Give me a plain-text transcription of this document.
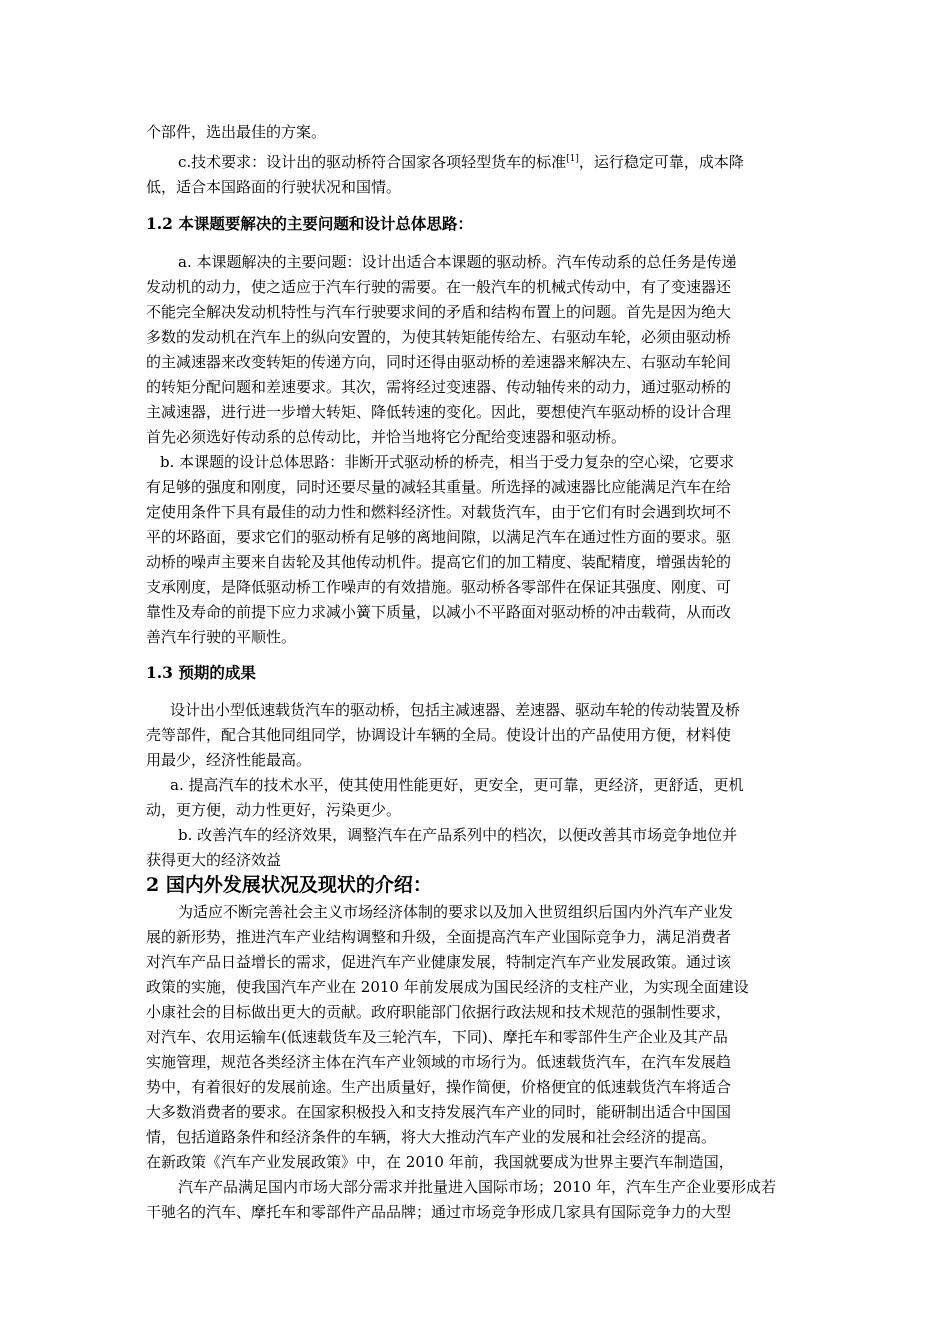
个部件，选出最佳的方案。
c.技术要求：设计出的驱动桥符合国家各项轻型货车的标准[1]，运行稳定可靠，成本降
低，适合本国路面的行驶状况和国情。
1.2 本课题要解决的主要问题和设计总体思路：
a. 本课题解决的主要问题：设计出适合本课题的驱动桥。汽车传动系的总任务是传递
发动机的动力，使之适应于汽车行驶的需要。在一般汽车的机械式传动中，有了变速器还
不能完全解决发动机特性与汽车行驶要求间的矛盾和结构布置上的问题。首先是因为绝大
多数的发动机在汽车上的纵向安置的，为使其转矩能传给左、右驱动车轮，必须由驱动桥
的主减速器来改变转矩的传递方向，同时还得由驱动桥的差速器来解决左、右驱动车轮间
的转矩分配问题和差速要求。其次，需将经过变速器、传动轴传来的动力，通过驱动桥的
主减速器，进行进一步增大转矩、降低转速的变化。因此，要想使汽车驱动桥的设计合理
首先必须选好传动系的总传动比，并恰当地将它分配给变速器和驱动桥。
b. 本课题的设计总体思路：非断开式驱动桥的桥壳，相当于受力复杂的空心梁，它要求
有足够的强度和刚度，同时还要尽量的减轻其重量。所选择的减速器比应能满足汽车在给
定使用条件下具有最佳的动力性和燃料经济性。对载货汽车，由于它们有时会遇到坎坷不
平的坏路面，要求它们的驱动桥有足够的离地间隙，以满足汽车在通过性方面的要求。驱
动桥的噪声主要来自齿轮及其他传动机件。提高它们的加工精度、装配精度，增强齿轮的
支承刚度，是降低驱动桥工作噪声的有效措施。驱动桥各零部件在保证其强度、刚度、可
靠性及寿命的前提下应力求减小簧下质量，以减小不平路面对驱动桥的冲击载荷，从而改
善汽车行驶的平顺性。
1.3 预期的成果
设计出小型低速载货汽车的驱动桥，包括主减速器、差速器、驱动车轮的传动装置及桥
壳等部件，配合其他同组同学，协调设计车辆的全局。使设计出的产品使用方便，材料使
用最少，经济性能最高。
a. 提高汽车的技术水平，使其使用性能更好，更安全，更可靠，更经济，更舒适，更机
动，更方便，动力性更好，污染更少。
b. 改善汽车的经济效果，调整汽车在产品系列中的档次，以便改善其市场竞争地位并
获得更大的经济效益
2 国内外发展状况及现状的介绍：
为适应不断完善社会主义市场经济体制的要求以及加入世贸组织后国内外汽车产业发
展的新形势，推进汽车产业结构调整和升级，全面提高汽车产业国际竞争力，满足消费者
对汽车产品日益增长的需求，促进汽车产业健康发展，特制定汽车产业发展政策。通过该
政策的实施，使我国汽车产业在 2010 年前发展成为国民经济的支柱产业，为实现全面建设
小康社会的目标做出更大的贡献。政府职能部门依据行政法规和技术规范的强制性要求，
对汽车、农用运输车(低速载货车及三轮汽车，下同)、摩托车和零部件生产企业及其产品
实施管理，规范各类经济主体在汽车产业领域的市场行为。低速载货汽车，在汽车发展趋
势中，有着很好的发展前途。生产出质量好，操作简便，价格便宜的低速载货汽车将适合
大多数消费者的要求。在国家积极投入和支持发展汽车产业的同时，能研制出适合中国国
情，包括道路条件和经济条件的车辆，将大大推动汽车产业的发展和社会经济的提高。
在新政策《汽车产业发展政策》中，在 2010 年前，我国就要成为世界主要汽车制造国，
汽车产品满足国内市场大部分需求并批量进入国际市场；2010 年，汽车生产企业要形成若
干驰名的汽车、摩托车和零部件产品品牌；通过市场竞争形成几家具有国际竞争力的大型
